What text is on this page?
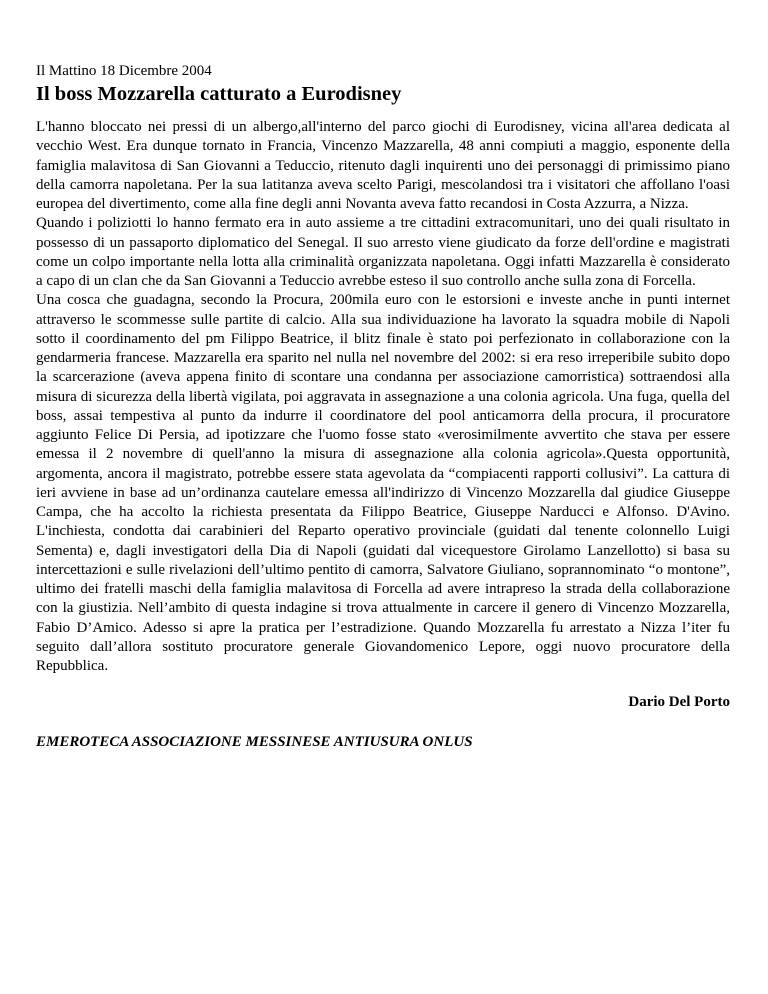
Il Mattino 18 Dicembre 2004

Il boss Mozzarella catturato a Eurodisney

L'hanno bloccato nei pressi di un albergo,all'interno del parco giochi di Eurodisney, vicina all'area dedicata al vecchio West. Era dunque tornato in Francia, Vincenzo Mazzarella, 48 anni compiuti a maggio, esponente della famiglia malavitosa di San Giovanni a Teduccio, ritenuto dagli inquirenti uno dei personaggi di primissimo piano della camorra napoletana. Per la sua latitanza aveva scelto Parigi, mescolandosi tra i visitatori che affollano l'oasi europea del divertimento, come alla fine degli anni Novanta aveva fatto recandosi in Costa Azzurra, a Nizza.

Quando i poliziotti lo hanno fermato era in auto assieme a tre cittadini extracomunitari, uno dei quali risultato in possesso di un passaporto diplomatico del Senegal. Il suo arresto viene giudicato da forze dell'ordine e magistrati come un colpo importante nella lotta alla criminalità organizzata napoletana. Oggi infatti Mazzarella è considerato a capo di un clan che da San Giovanni a Teduccio avrebbe esteso il suo controllo anche sulla zona di Forcella.

Una cosca che guadagna, secondo la Procura, 200mila euro con le estorsioni e investe anche in punti internet attraverso le scommesse sulle partite di calcio. Alla sua individuazione ha lavorato la squadra mobile di Napoli sotto il coordinamento del pm Filippo Beatrice, il blitz finale è stato poi perfezionato in collaborazione con la gendarmeria francese. Mazzarella era sparito nel nulla nel novembre del 2002: si era reso irreperibile subito dopo la scarcerazione (aveva appena finito di scontare una condanna per associazione camorristica) sottraendosi alla misura di sicurezza della libertà vigilata, poi aggravata in assegnazione a una colonia agricola. Una fuga, quella del boss, assai tempestiva al punto da indurre il coordinatore del pool anticamorra della procura, il procuratore aggiunto Felice Di Persia, ad ipotizzare che l'uomo fosse stato «verosimilmente avvertito che stava per essere emessa il 2 novembre di quell'anno la misura di assegnazione alla colonia agricola».Questa opportunità, argomenta, ancora il magistrato, potrebbe essere stata agevolata da “compiacenti rapporti collusivi”. La cattura di ieri avviene in base ad un’ordinanza cautelare emessa all'indirizzo di Vincenzo Mozzarella dal giudice Giuseppe Campa, che ha accolto la richiesta presentata da Filippo Beatrice, Giuseppe Narducci e Alfonso. D'Avino. L'inchiesta, condotta dai carabinieri del Reparto operativo provinciale (guidati dal tenente colonnello Luigi Sementa) e, dagli investigatori della Dia di Napoli (guidati dal vicequestore Girolamo Lanzellotto) si basa su intercettazioni e sulle rivelazioni dell’ultimo pentito di camorra, Salvatore Giuliano, soprannominato “o montone”, ultimo dei fratelli maschi della famiglia malavitosa di Forcella ad avere intrapreso la strada della collaborazione con la giustizia. Nell’ambito di questa indagine si trova attualmente in carcere il genero di Vincenzo Mozzarella, Fabio D’Amico. Adesso si apre la pratica per l’estradizione. Quando Mozzarella fu arrestato a Nizza l’iter fu seguito dall’allora sostituto procuratore generale Giovandomenico Lepore, oggi nuovo procuratore della Repubblica.

Dario Del Porto

EMEROTECA ASSOCIAZIONE MESSINESE ANTIUSURA ONLUS
